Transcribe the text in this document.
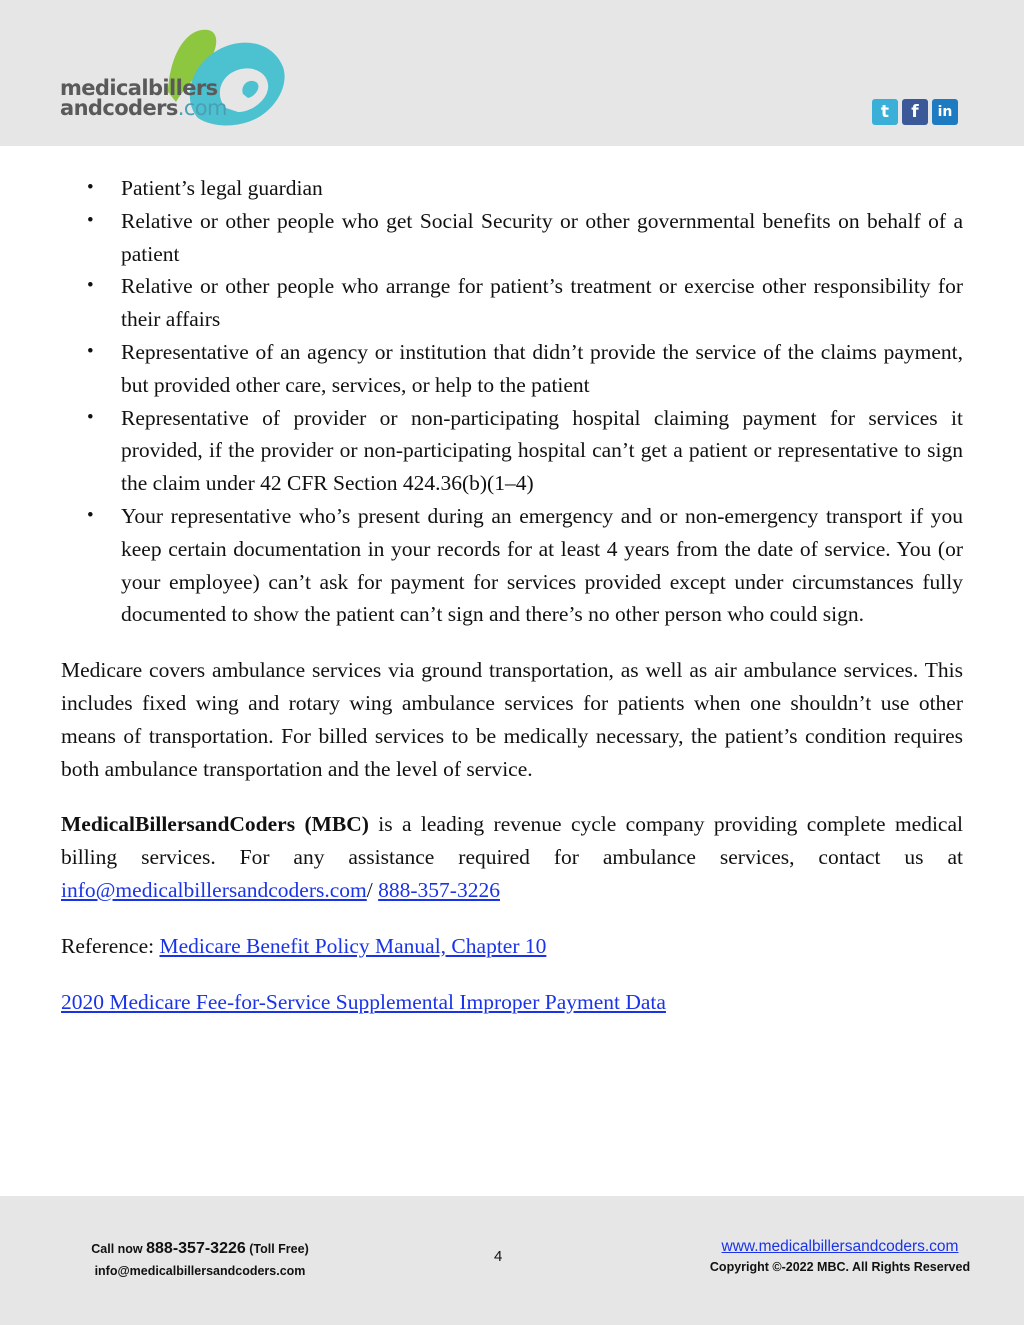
medicalbillers
andcoders.com	t	f	in
• Patient’s legal guardian
• Relative or other people who get Social Security or other governmental benefits on behalf of a patient
• Relative or other people who arrange for patient’s treatment or exercise other responsibility for their affairs
• Representative of an agency or institution that didn’t provide the service of the claims payment, but provided other care, services, or help to the patient
• Representative of provider or non-participating hospital claiming payment for services it provided, if the provider or non-participating hospital can’t get a patient or representative to sign the claim under 42 CFR Section 424.36(b)(1–4)
• Your representative who’s present during an emergency and or non-emergency transport if you keep certain documentation in your records for at least 4 years from the date of service. You (or your employee) can’t ask for payment for services provided except under circumstances fully documented to show the patient can’t sign and there’s no other person who could sign.

Medicare covers ambulance services via ground transportation, as well as air ambulance services. This includes fixed wing and rotary wing ambulance services for patients when one shouldn’t use other means of transportation. For billed services to be medically necessary, the patient’s condition requires both ambulance transportation and the level of service.

MedicalBillersandCoders (MBC) is a leading revenue cycle company providing complete medical billing services. For any assistance required for ambulance services, contact us at info@medicalbillersandcoders.com/ 888-357-3226

Reference: Medicare Benefit Policy Manual, Chapter 10

2020 Medicare Fee-for-Service Supplemental Improper Payment Data

Call now 888-357-3226 (Toll Free)
info@medicalbillersandcoders.com
4
www.medicalbillersandcoders.com
Copyright ©-2022 MBC. All Rights Reserved
